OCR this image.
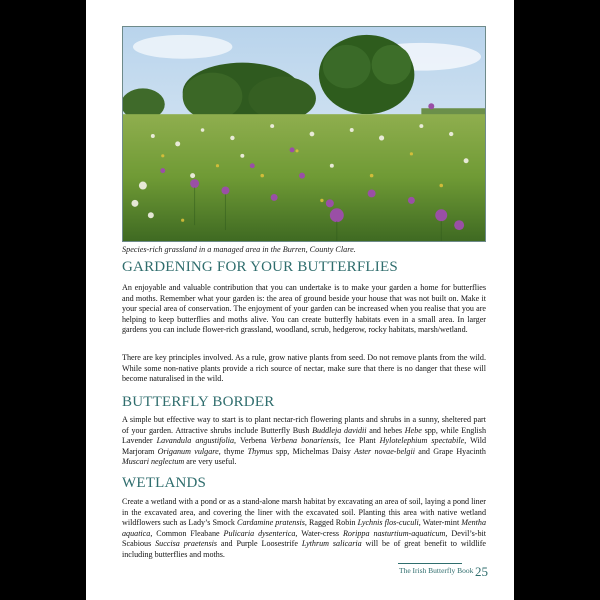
Species-rich grassland in a managed area in the Burren, County Clare.
GARDENING FOR YOUR BUTTERFLIES

An enjoyable and valuable contribution that you can undertake is to make your garden a home for butterflies and moths. Remember what your garden is: the area of ground beside your house that was not built on. Make it your special area of conservation. The enjoyment of your garden can be increased when you realise that you are helping to keep butterflies and moths alive. You can create butterfly habitats even in a small area. In larger gardens you can include flower-rich grassland, woodland, scrub, hedgerow, rocky habitats, marsh/wetland.

There are key principles involved. As a rule, grow native plants from seed. Do not remove plants from the wild. While some non-native plants provide a rich source of nectar, make sure that there is no danger that these will become naturalised in the wild.

BUTTERFLY BORDER

A simple but effective way to start is to plant nectar-rich flowering plants and shrubs in a sunny, sheltered part of your garden. Attractive shrubs include Butterfly Bush Buddleja davidii and hebes Hebe spp, while English Lavender Lavandula angustifolia, Verbena Verbena bonariensis, Ice Plant Hylotelephium spectabile, Wild Marjoram Origanum vulgare, thyme Thymus spp, Michelmas Daisy Aster novae-belgii and Grape Hyacinth Muscari neglectum are very useful.

WETLANDS

Create a wetland with a pond or as a stand-alone marsh habitat by excavating an area of soil, laying a pond liner in the excavated area, and covering the liner with the excavated soil. Planting this area with native wetland wildflowers such as Lady’s Smock Cardamine pratensis, Ragged Robin Lychnis flos-cuculi, Water-mint Mentha aquatica, Common Fleabane Pulicaria dysenterica, Water-cress Rorippa nasturtium-aquaticum, Devil’s-bit Scabious Succisa praetensis and Purple Loosestrife Lythrum salicaria will be of great benefit to wildlife including butterflies and moths.

The Irish Butterfly Book 25
